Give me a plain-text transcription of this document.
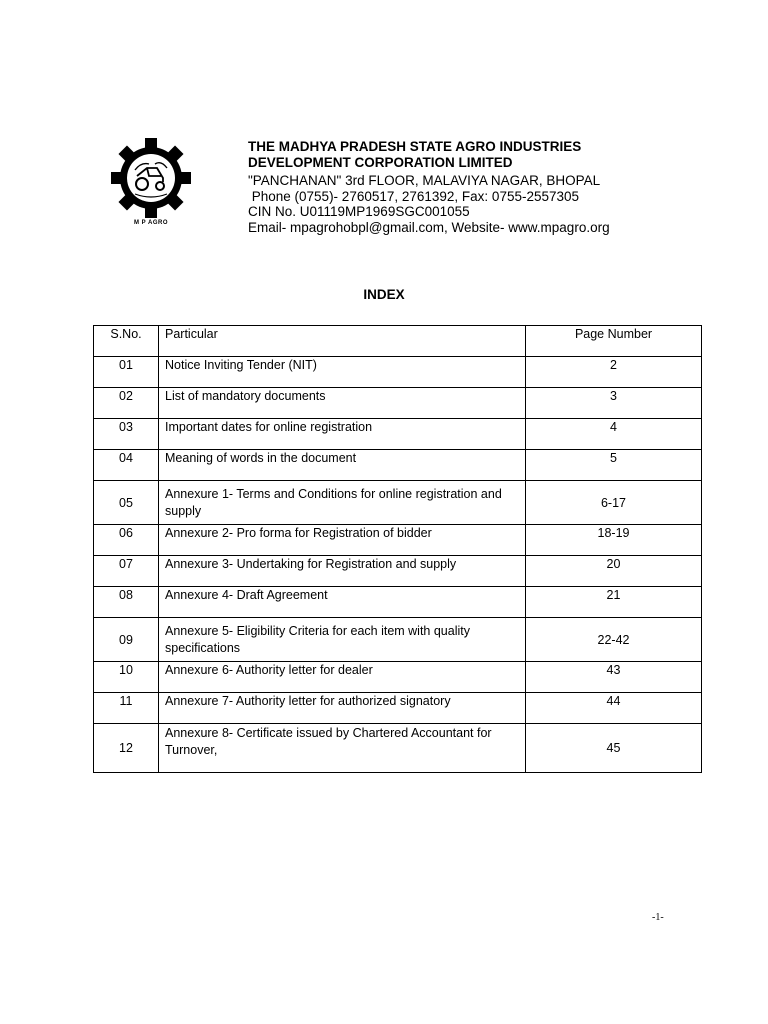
M P AGRO
THE MADHYA PRADESH STATE AGRO INDUSTRIES
DEVELOPMENT CORPORATION LIMITED
"PANCHANAN" 3rd FLOOR, MALAVIYA NAGAR, BHOPAL
Phone (0755)- 2760517, 2761392, Fax: 0755-2557305
CIN No. U01119MP1969SGC001055
Email- mpagrohobpl@gmail.com, Website- www.mpagro.org
INDEX
S.No.	Particular	Page Number
01	Notice Inviting Tender (NIT)	2
02	List of mandatory documents	3
03	Important dates for online registration	4
04	Meaning of words in the document	5
05	Annexure 1- Terms and Conditions for online registration and supply	6-17
06	Annexure 2- Pro forma for Registration of bidder	18-19
07	Annexure 3- Undertaking for Registration and supply	20
08	Annexure 4- Draft Agreement	21
09	Annexure 5- Eligibility Criteria for each item with quality specifications	22-42
10	Annexure 6- Authority letter for dealer	43
11	Annexure 7- Authority letter for authorized signatory	44
12	Annexure 8- Certificate issued by Chartered Accountant for Turnover,	45
-1-
